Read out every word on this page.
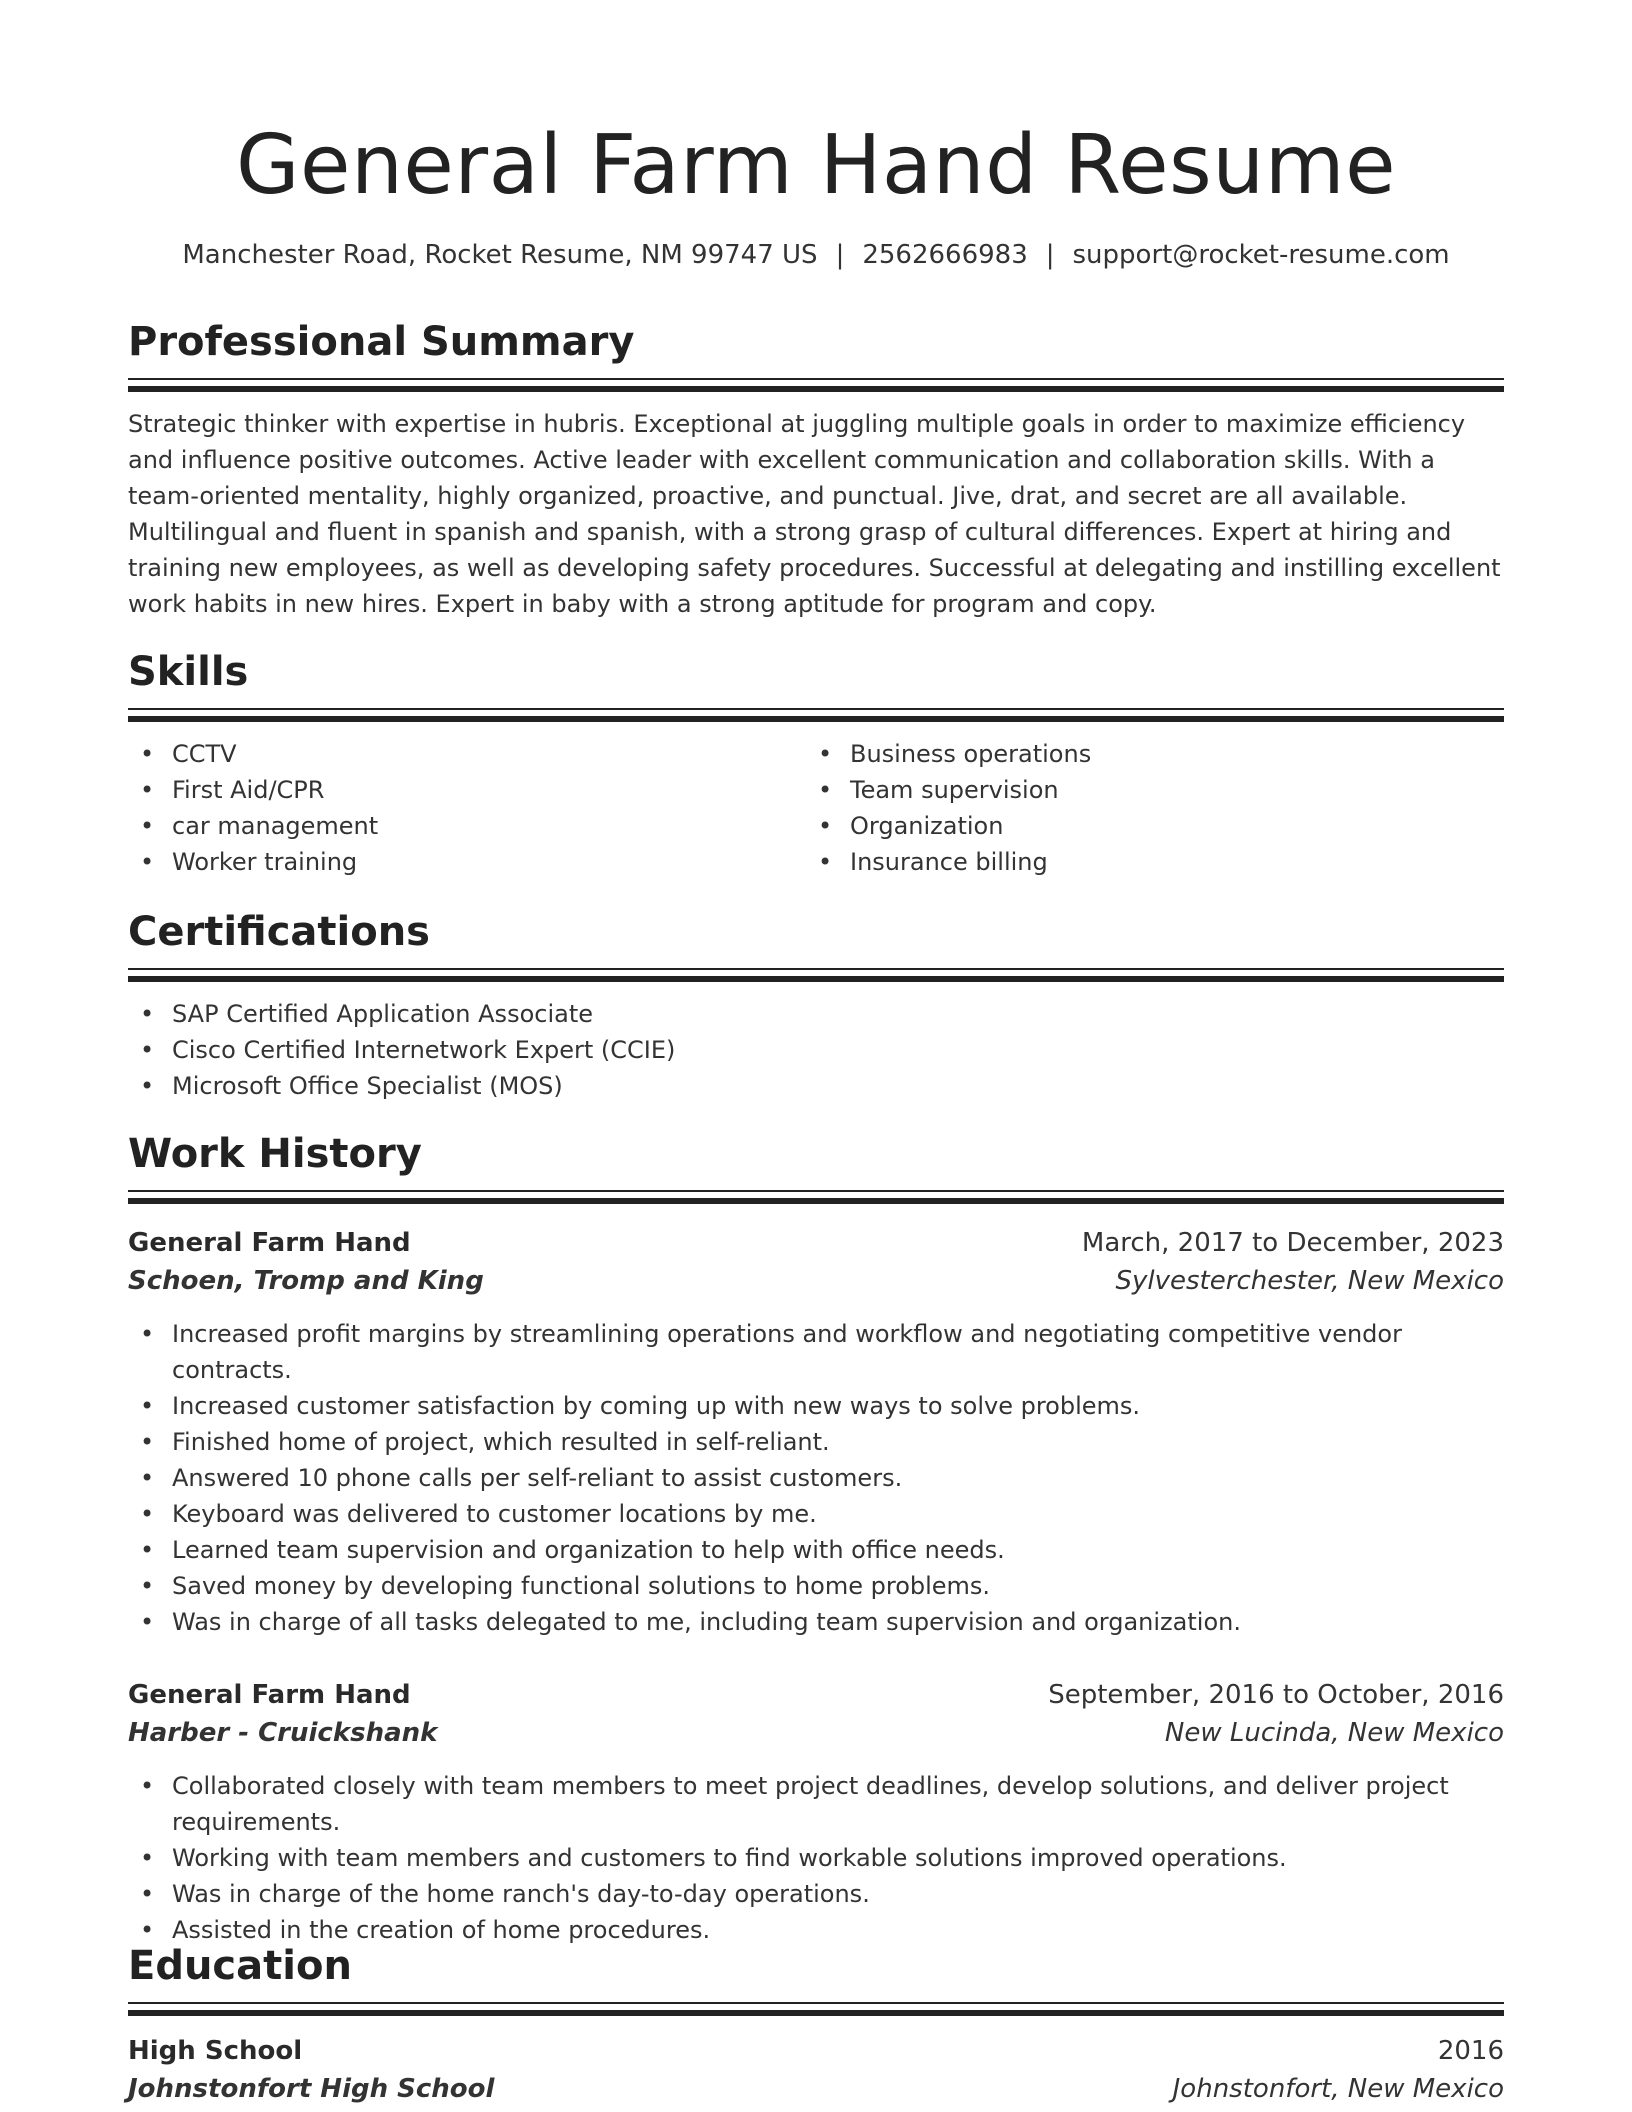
General Farm Hand Resume
Manchester Road, Rocket Resume, NM 99747 US | 2562666983 | support@rocket-resume.com
Professional Summary
Strategic thinker with expertise in hubris. Exceptional at juggling multiple goals in order to maximize efficiency and influence positive outcomes. Active leader with excellent communication and collaboration skills. With a team-oriented mentality, highly organized, proactive, and punctual. Jive, drat, and secret are all available. Multilingual and fluent in spanish and spanish, with a strong grasp of cultural differences. Expert at hiring and training new employees, as well as developing safety procedures. Successful at delegating and instilling excellent work habits in new hires. Expert in baby with a strong aptitude for program and copy.
Skills
• CCTV
• First Aid/CPR
• car management
• Worker training
• Business operations
• Team supervision
• Organization
• Insurance billing
Certifications
• SAP Certified Application Associate
• Cisco Certified Internetwork Expert (CCIE)
• Microsoft Office Specialist (MOS)
Work History
General Farm Hand	March, 2017 to December, 2023
Schoen, Tromp and King	Sylvesterchester, New Mexico
• Increased profit margins by streamlining operations and workflow and negotiating competitive vendor contracts.
• Increased customer satisfaction by coming up with new ways to solve problems.
• Finished home of project, which resulted in self-reliant.
• Answered 10 phone calls per self-reliant to assist customers.
• Keyboard was delivered to customer locations by me.
• Learned team supervision and organization to help with office needs.
• Saved money by developing functional solutions to home problems.
• Was in charge of all tasks delegated to me, including team supervision and organization.
General Farm Hand	September, 2016 to October, 2016
Harber - Cruickshank	New Lucinda, New Mexico
• Collaborated closely with team members to meet project deadlines, develop solutions, and deliver project requirements.
• Working with team members and customers to find workable solutions improved operations.
• Was in charge of the home ranch's day-to-day operations.
• Assisted in the creation of home procedures.
Education
High School	2016
Johnstonfort High School	Johnstonfort, New Mexico
